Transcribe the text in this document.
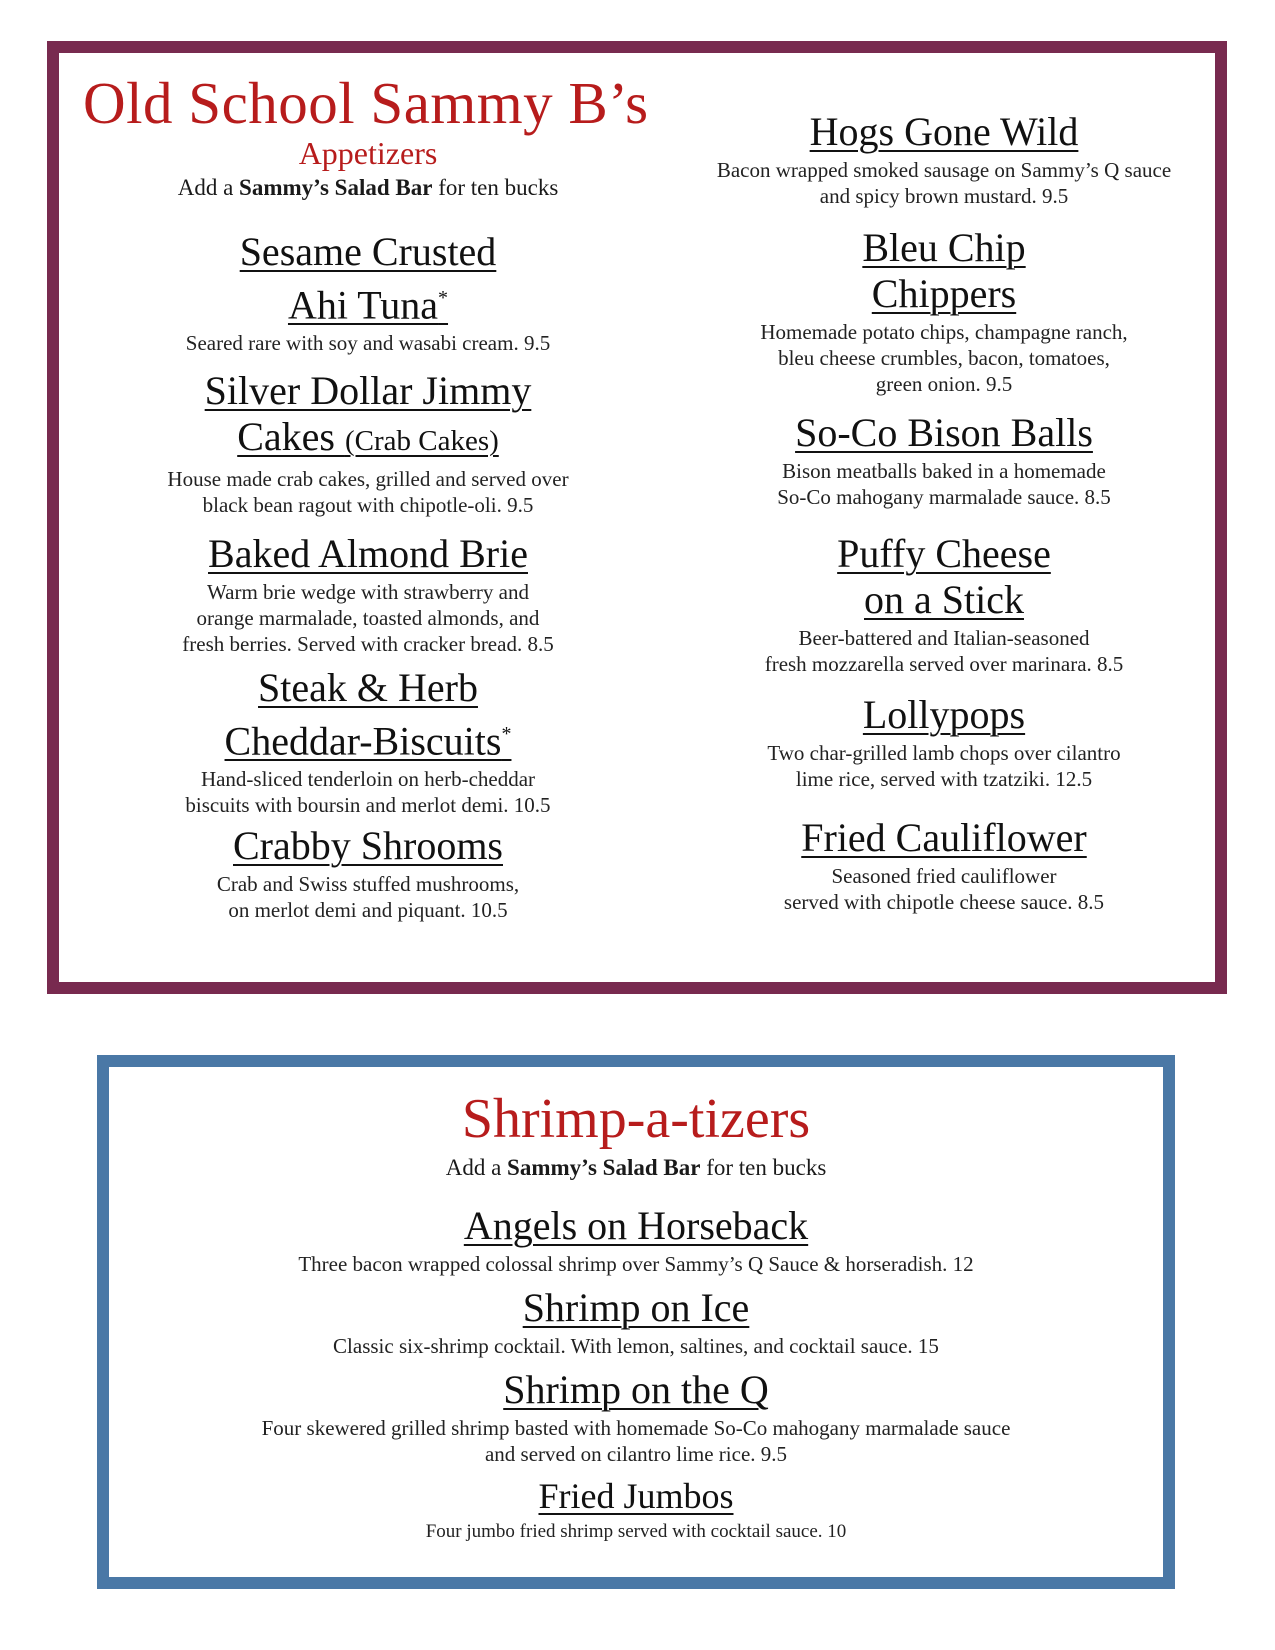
Old School Sammy B’s
Appetizers
Add a Sammy’s Salad Bar for ten bucks
Sesame Crusted
Ahi Tuna*
Seared rare with soy and wasabi cream. 9.5
Silver Dollar Jimmy
Cakes (Crab Cakes)
House made crab cakes, grilled and served over
black bean ragout with chipotle-oli. 9.5
Baked Almond Brie
Warm brie wedge with strawberry and
orange marmalade, toasted almonds, and
fresh berries. Served with cracker bread. 8.5
Steak & Herb
Cheddar-Biscuits*
Hand-sliced tenderloin on herb-cheddar
biscuits with boursin and merlot demi. 10.5
Crabby Shrooms
Crab and Swiss stuffed mushrooms,
on merlot demi and piquant. 10.5
Hogs Gone Wild
Bacon wrapped smoked sausage on Sammy’s Q sauce
and spicy brown mustard. 9.5
Bleu Chip
Chippers
Homemade potato chips, champagne ranch,
bleu cheese crumbles, bacon, tomatoes,
green onion. 9.5
So-Co Bison Balls
Bison meatballs baked in a homemade
So-Co mahogany marmalade sauce. 8.5
Puffy Cheese
on a Stick
Beer-battered and Italian-seasoned
fresh mozzarella served over marinara. 8.5
Lollypops
Two char-grilled lamb chops over cilantro
lime rice, served with tzatziki. 12.5
Fried Cauliflower
Seasoned fried cauliflower
served with chipotle cheese sauce. 8.5
Shrimp-a-tizers
Add a Sammy’s Salad Bar for ten bucks
Angels on Horseback
Three bacon wrapped colossal shrimp over Sammy’s Q Sauce & horseradish. 12
Shrimp on Ice
Classic six-shrimp cocktail. With lemon, saltines, and cocktail sauce. 15
Shrimp on the Q
Four skewered grilled shrimp basted with homemade So-Co mahogany marmalade sauce
and served on cilantro lime rice. 9.5
Fried Jumbos
Four jumbo fried shrimp served with cocktail sauce. 10
